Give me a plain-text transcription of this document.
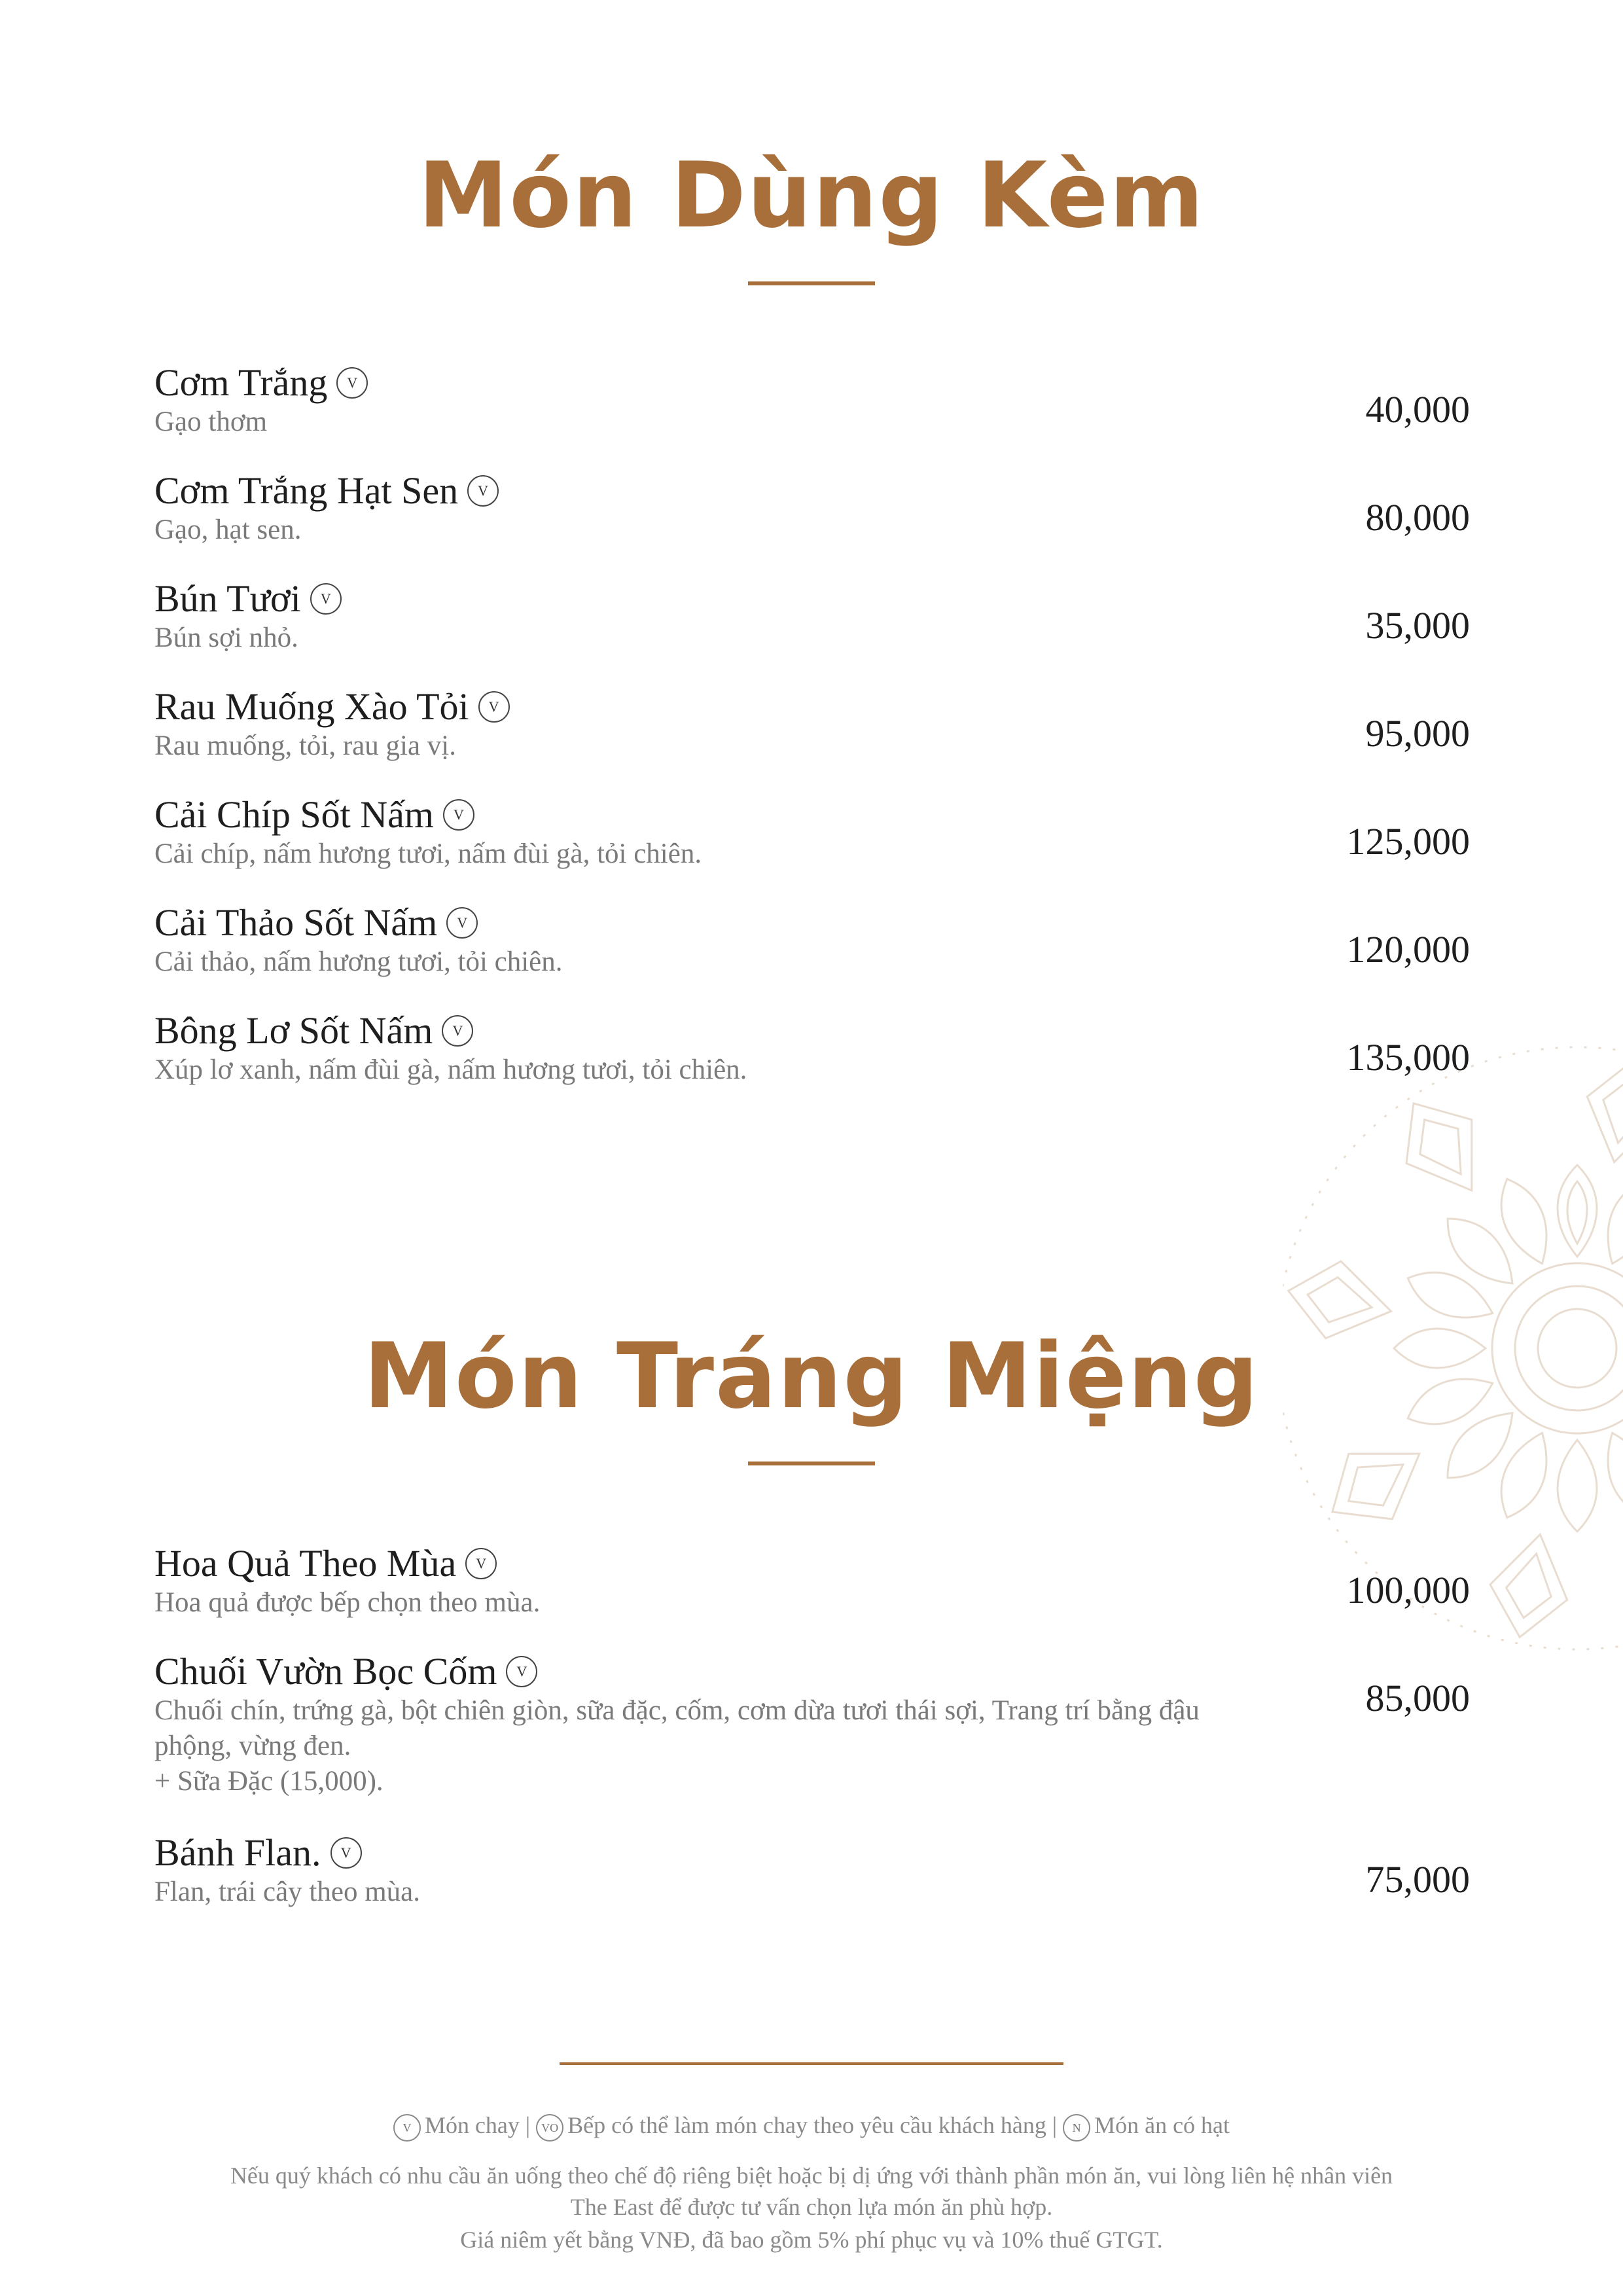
Món Dùng Kèm
Cơm Trắng	V
Gạo thơm	40,000
Cơm Trắng Hạt Sen	V
Gạo, hạt sen.	80,000
Bún Tươi	V
Bún sợi nhỏ.	35,000
Rau Muống Xào Tỏi	V
Rau muống, tỏi, rau gia vị.	95,000
Cải Chíp Sốt Nấm	V
Cải chíp, nấm hương tươi, nấm đùi gà, tỏi chiên.	125,000
Cải Thảo Sốt Nấm	V
Cải thảo, nấm hương tươi, tỏi chiên.	120,000
Bông Lơ Sốt Nấm	V
Xúp lơ xanh, nấm đùi gà, nấm hương tươi, tỏi chiên.	135,000
Món Tráng Miệng
Hoa Quả Theo Mùa	V
Hoa quả được bếp chọn theo mùa.	100,000
Chuối Vườn Bọc Cốm	V
Chuối chín, trứng gà, bột chiên giòn, sữa đặc, cốm, cơm dừa tươi thái sợi, Trang trí bằng đậu phộng, vừng đen.
+ Sữa Đặc (15,000).
85,000
Bánh Flan.	V
Flan, trái cây theo mùa.	75,000
V Món chay | VO Bếp có thể làm món chay theo yêu cầu khách hàng | N Món ăn có hạt
Nếu quý khách có nhu cầu ăn uống theo chế độ riêng biệt hoặc bị dị ứng với thành phần món ăn, vui lòng liên hệ nhân viên The East để được tư vấn chọn lựa món ăn phù hợp.
Giá niêm yết bằng VNĐ, đã bao gồm 5% phí phục vụ và 10% thuế GTGT.
